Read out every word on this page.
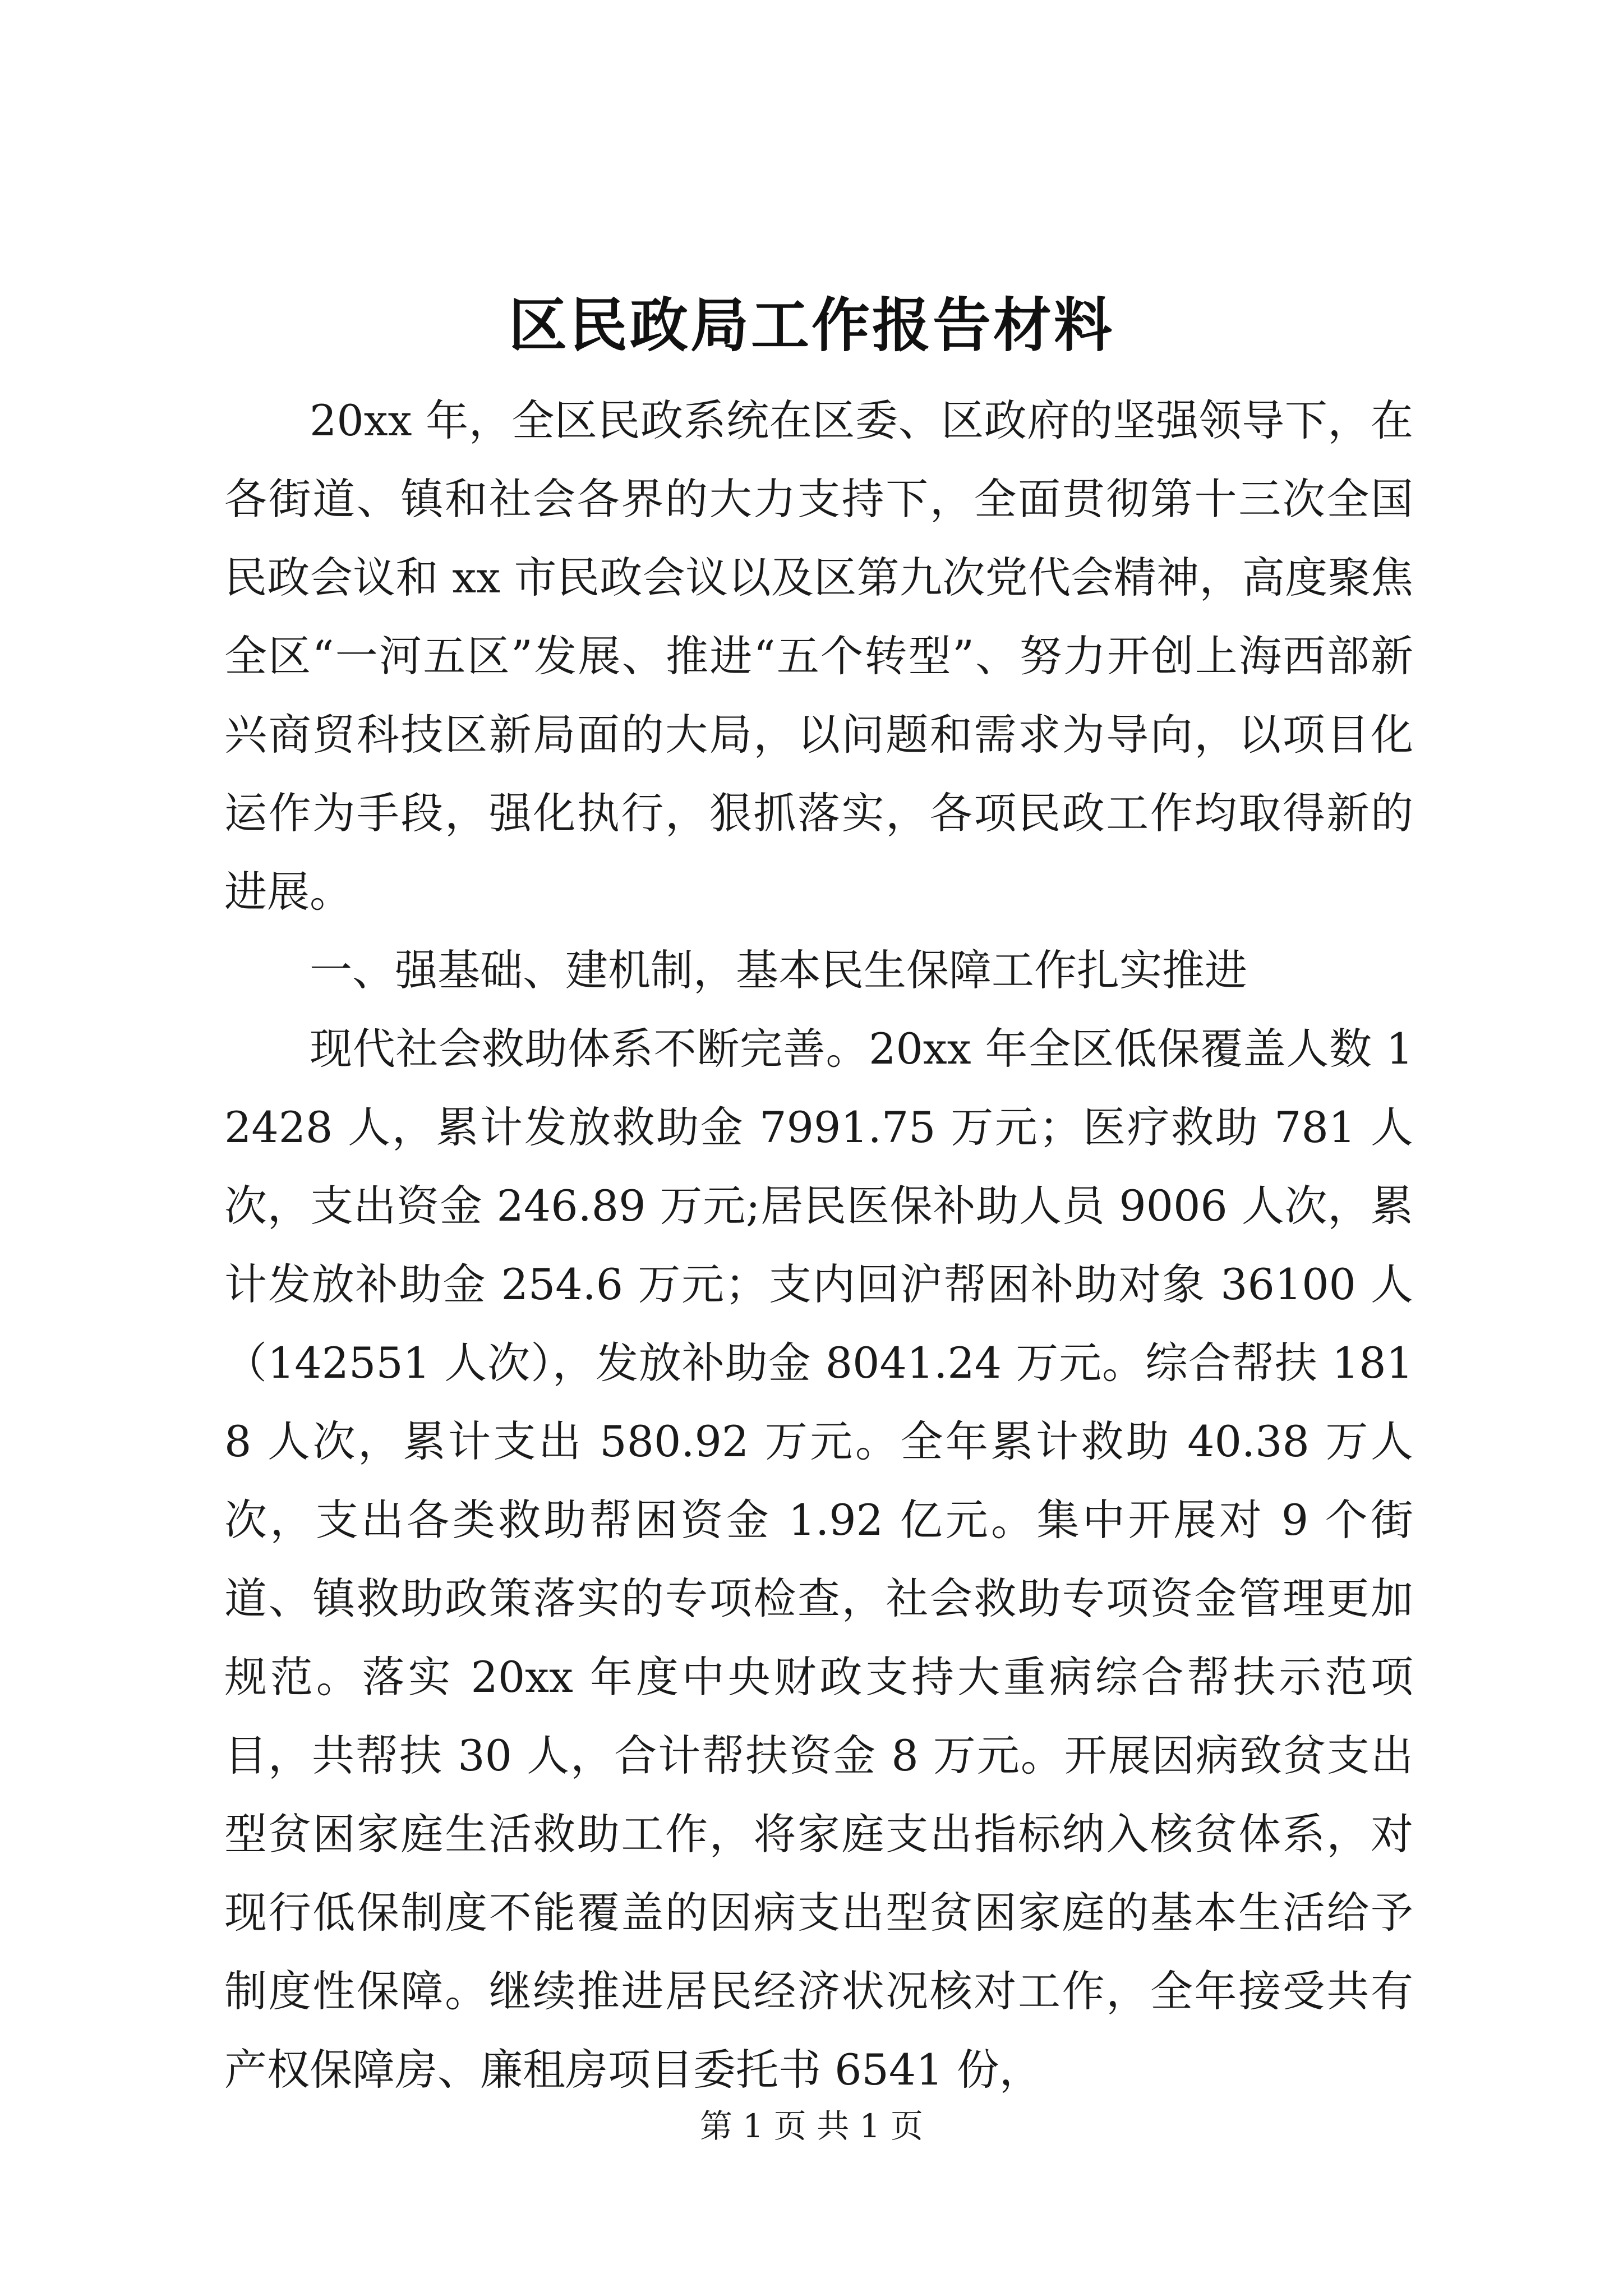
区民政局工作报告材料

20xx 年，全区民政系统在区委、区政府的坚强领导下，在各街道、镇和社会各界的大力支持下，全面贯彻第十三次全国民政会议和 xx 市民政会议以及区第九次党代会精神，高度聚焦全区“一河五区”发展、推进“五个转型”、努力开创上海西部新兴商贸科技区新局面的大局，以问题和需求为导向，以项目化运作为手段，强化执行，狠抓落实，各项民政工作均取得新的进展。

一、强基础、建机制，基本民生保障工作扎实推进

现代社会救助体系不断完善。20xx 年全区低保覆盖人数 12428 人，累计发放救助金 7991.75 万元；医疗救助 781 人次，支出资金 246.89 万元;居民医保补助人员 9006 人次，累计发放补助金 254.6 万元；支内回沪帮困补助对象 36100 人（142551 人次），发放补助金 8041.24 万元。综合帮扶 1818 人次，累计支出 580.92 万元。全年累计救助 40.38 万人次，支出各类救助帮困资金 1.92 亿元。集中开展对 9 个街道、镇救助政策落实的专项检查，社会救助专项资金管理更加规范。落实 20xx 年度中央财政支持大重病综合帮扶示范项目，共帮扶 30 人，合计帮扶资金 8 万元。开展因病致贫支出型贫困家庭生活救助工作，将家庭支出指标纳入核贫体系，对现行低保制度不能覆盖的因病支出型贫困家庭的基本生活给予制度性保障。继续推进居民经济状况核对工作，全年接受共有产权保障房、廉租房项目委托书 6541 份，

第 1 页 共 1 页
